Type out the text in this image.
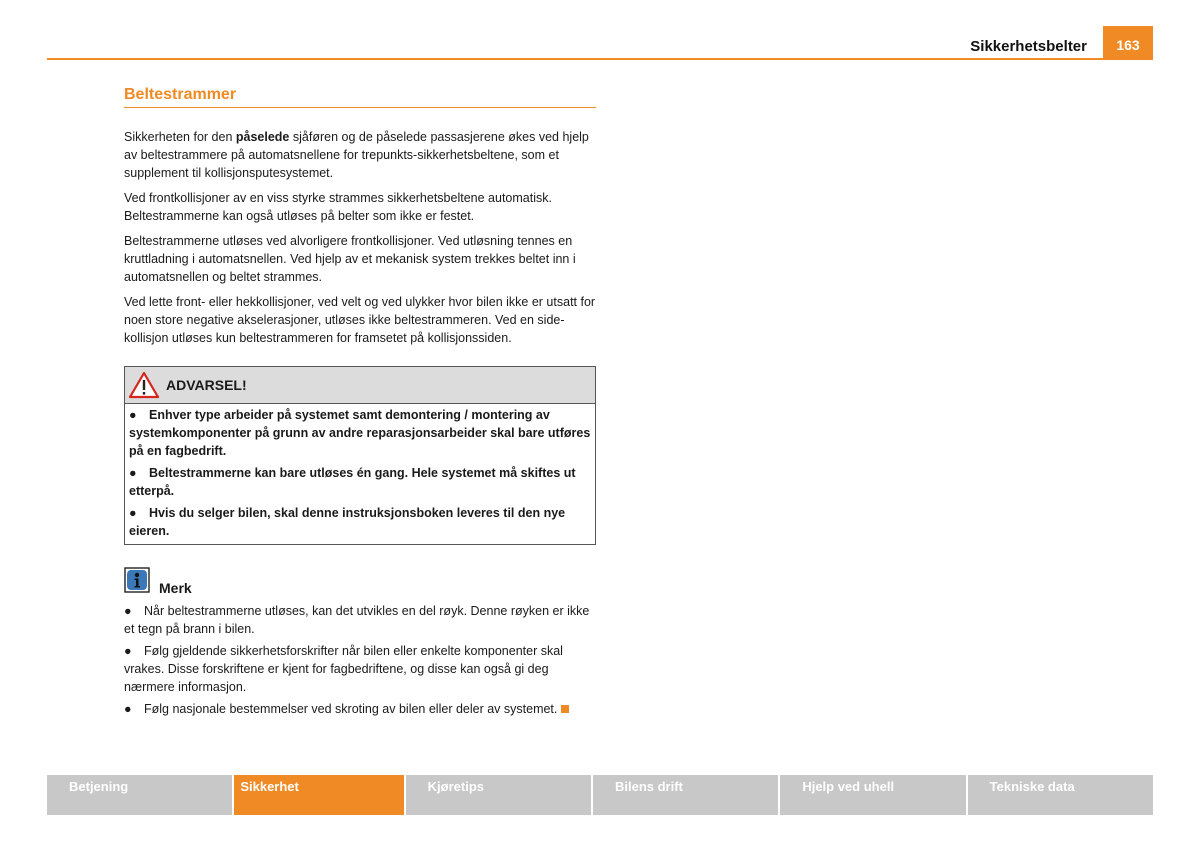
Sikkerhetsbelter	163
Beltestrammer

Sikkerheten for den påselede sjåføren og de påselede passasjerene økes ved hjelp av beltestrammere på automatsnellene for trepunkts-sikkerhetsbeltene, som et supplement til kollisjonsputesystemet.

Ved frontkollisjoner av en viss styrke strammes sikkerhetsbeltene automatisk. Beltestrammerne kan også utløses på belter som ikke er festet.

Beltestrammerne utløses ved alvorligere frontkollisjoner. Ved utløsning tennes en kruttladning i automatsnellen. Ved hjelp av et mekanisk system trekkes beltet inn i automatsnellen og beltet strammes.

Ved lette front- eller hekkollisjoner, ved velt og ved ulykker hvor bilen ikke er utsatt for noen store negative akselerasjoner, utløses ikke beltestrammeren. Ved en side-kollisjon utløses kun beltestrammeren for framsetet på kollisjonssiden.

ADVARSEL!

● Enhver type arbeider på systemet samt demontering / montering av systemkomponenter på grunn av andre reparasjonsarbeider skal bare utføres på en fagbedrift.

● Beltestrammerne kan bare utløses én gang. Hele systemet må skiftes ut etterpå.

● Hvis du selger bilen, skal denne instruksjonsboken leveres til den nye eieren.

Merk

● Når beltestrammerne utløses, kan det utvikles en del røyk. Denne røyken er ikke et tegn på brann i bilen.

● Følg gjeldende sikkerhetsforskrifter når bilen eller enkelte komponenter skal vrakes. Disse forskriftene er kjent for fagbedriftene, og disse kan også gi deg nærmere informasjon.

● Følg nasjonale bestemmelser ved skroting av bilen eller deler av systemet.

Betjening	Sikkerhet	Kjøretips	Bilens drift	Hjelp ved uhell	Tekniske data
